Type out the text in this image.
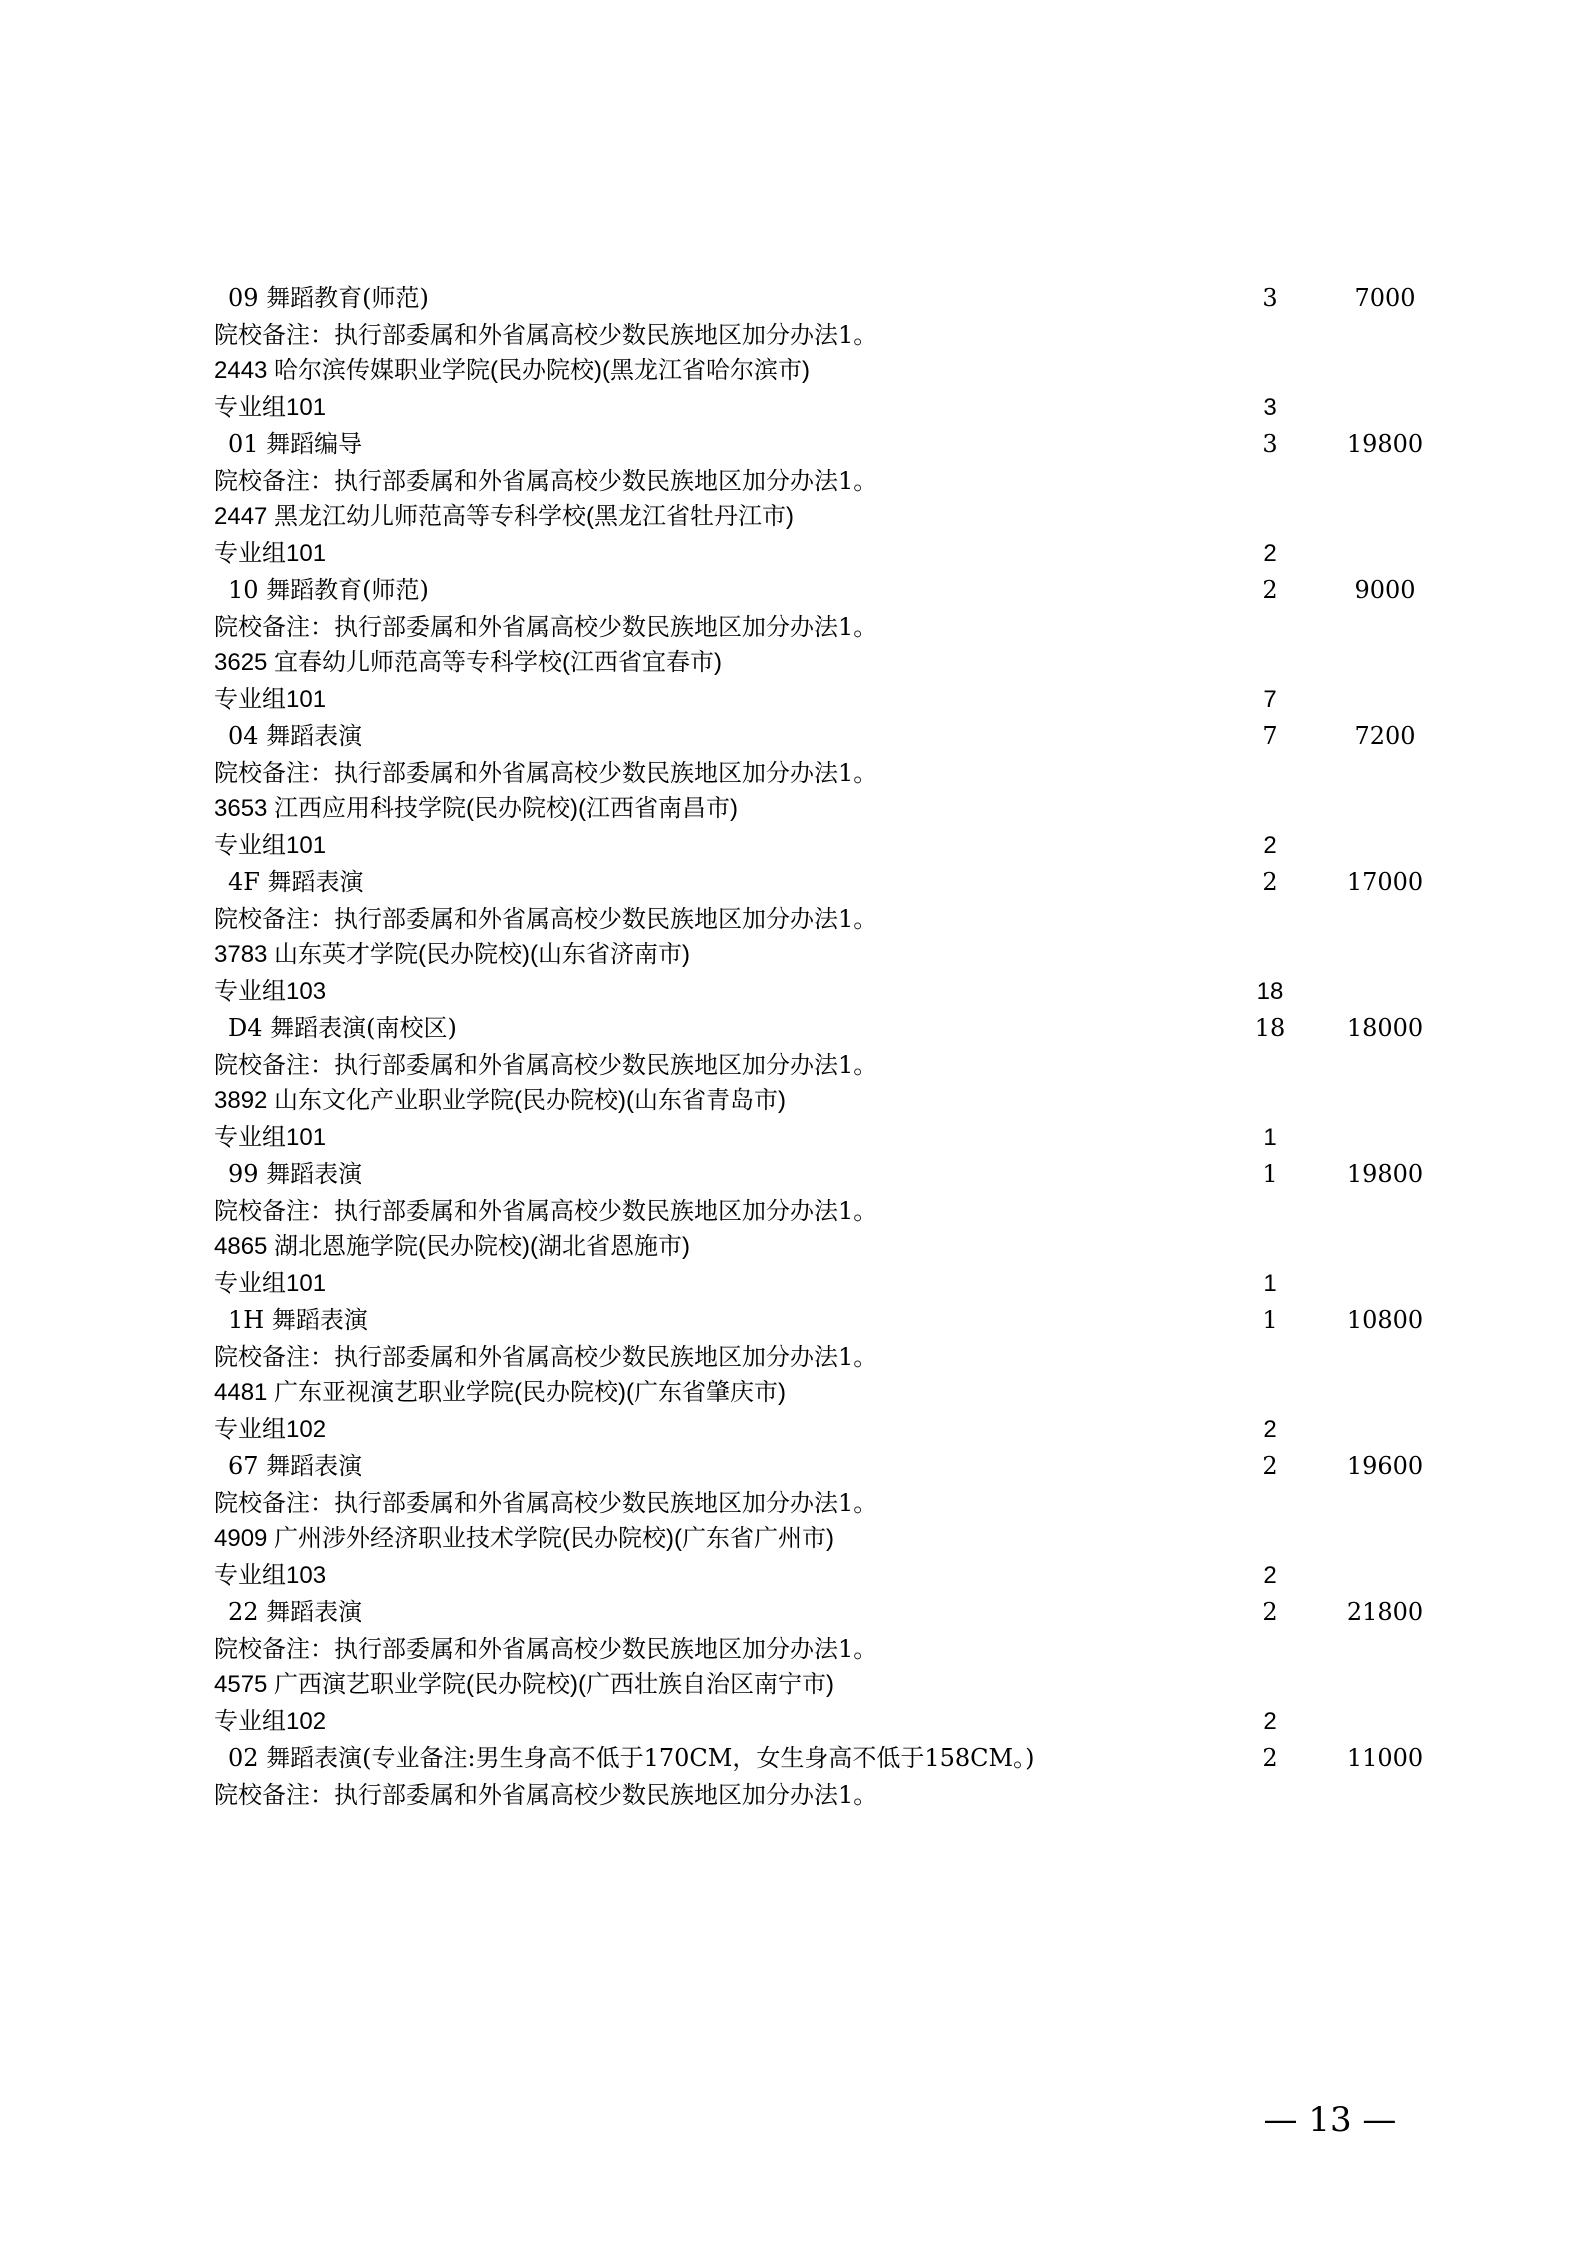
09 舞蹈教育(师范)	3	7000
院校备注：执行部委属和外省属高校少数民族地区加分办法1。
2443 哈尔滨传媒职业学院(民办院校)(黑龙江省哈尔滨市)
专业组101	3
01 舞蹈编导	3	19800
院校备注：执行部委属和外省属高校少数民族地区加分办法1。
2447 黑龙江幼儿师范高等专科学校(黑龙江省牡丹江市)
专业组101	2
10 舞蹈教育(师范)	2	9000
院校备注：执行部委属和外省属高校少数民族地区加分办法1。
3625 宜春幼儿师范高等专科学校(江西省宜春市)
专业组101	7
04 舞蹈表演	7	7200
院校备注：执行部委属和外省属高校少数民族地区加分办法1。
3653 江西应用科技学院(民办院校)(江西省南昌市)
专业组101	2
4F 舞蹈表演	2	17000
院校备注：执行部委属和外省属高校少数民族地区加分办法1。
3783 山东英才学院(民办院校)(山东省济南市)
专业组103	18
D4 舞蹈表演(南校区)	18	18000
院校备注：执行部委属和外省属高校少数民族地区加分办法1。
3892 山东文化产业职业学院(民办院校)(山东省青岛市)
专业组101	1
99 舞蹈表演	1	19800
院校备注：执行部委属和外省属高校少数民族地区加分办法1。
4865 湖北恩施学院(民办院校)(湖北省恩施市)
专业组101	1
1H 舞蹈表演	1	10800
院校备注：执行部委属和外省属高校少数民族地区加分办法1。
4481 广东亚视演艺职业学院(民办院校)(广东省肇庆市)
专业组102	2
67 舞蹈表演	2	19600
院校备注：执行部委属和外省属高校少数民族地区加分办法1。
4909 广州涉外经济职业技术学院(民办院校)(广东省广州市)
专业组103	2
22 舞蹈表演	2	21800
院校备注：执行部委属和外省属高校少数民族地区加分办法1。
4575 广西演艺职业学院(民办院校)(广西壮族自治区南宁市)
专业组102	2
02 舞蹈表演(专业备注:男生身高不低于170CM，女生身高不低于158CM。)	2	11000
院校备注：执行部委属和外省属高校少数民族地区加分办法1。
— 13 —
